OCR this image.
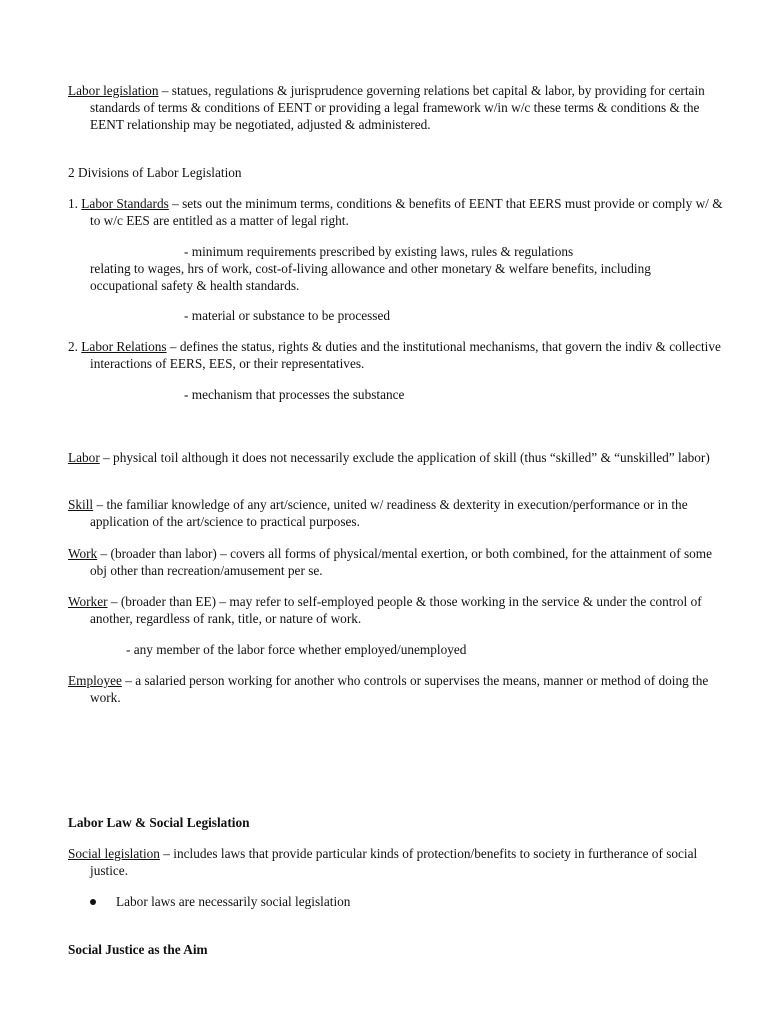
Labor legislation – statues, regulations & jurisprudence governing relations bet capital & labor, by providing for certain standards of terms & conditions of EENT or providing a legal framework w/in w/c these terms & conditions & the EENT relationship may be negotiated, adjusted & administered.

2 Divisions of Labor Legislation

1. Labor Standards – sets out the minimum terms, conditions & benefits of EENT that EERS must provide or comply w/ & to w/c EES are entitled as a matter of legal right.

- minimum requirements prescribed by existing laws, rules & regulations

relating to wages, hrs of work, cost-of-living allowance and other monetary & welfare benefits, including occupational safety & health standards.

- material or substance to be processed

2. Labor Relations – defines the status, rights & duties and the institutional mechanisms, that govern the indiv & collective interactions of EERS, EES, or their representatives.

- mechanism that processes the substance

Labor – physical toil although it does not necessarily exclude the application of skill (thus “skilled” & “unskilled” labor)

Skill – the familiar knowledge of any art/science, united w/ readiness & dexterity in execution/performance or in the application of the art/science to practical purposes.

Work – (broader than labor) – covers all forms of physical/mental exertion, or both combined, for the attainment of some obj other than recreation/amusement per se.

Worker – (broader than EE) – may refer to self-employed people & those working in the service & under the control of another, regardless of rank, title, or nature of work.

- any member of the labor force whether employed/unemployed

Employee – a salaried person working for another who controls or supervises the means, manner or method of doing the work.

Labor Law & Social Legislation

Social legislation – includes laws that provide particular kinds of protection/benefits to society in furtherance of social justice.

Labor laws are necessarily social legislation

Social Justice as the Aim
